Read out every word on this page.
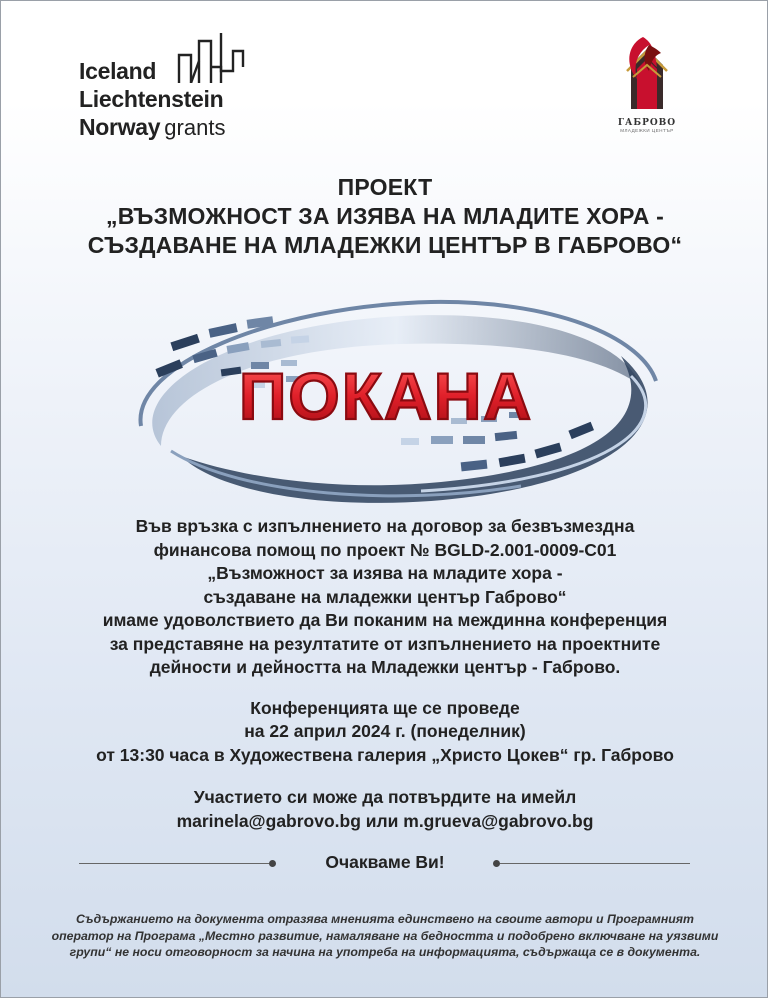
Iceland
Liechtenstein
Norway grants	ГАБРОВО
МЛАДЕЖКИ ЦЕНТЪР
ПРОЕКТ
„ВЪЗМОЖНОСТ ЗА ИЗЯВА НА МЛАДИТЕ ХОРА -
СЪЗДАВАНЕ НА МЛАДЕЖКИ ЦЕНТЪР В ГАБРОВО“
ПОКАНА
Във връзка с изпълнението на договор за безвъзмездна
финансова помощ по проект № BGLD-2.001-0009-C01
„Възможност за изява на младите хора -
създаване на младежки център Габрово“
имаме удоволствието да Ви поканим на междинна конференция
за представяне на резултатите от изпълнението на проектните
дейности и дейността на Младежки център - Габрово.
Конференцията ще се проведе
на 22 април 2024 г. (понеделник)
от 13:30 часа в Художествена галерия „Христо Цокев“ гр. Габрово
Участието си може да потвърдите на имейл
marinela@gabrovo.bg или m.grueva@gabrovo.bg
Очакваме Ви!
Съдържанието на документа отразява мненията единствено на своите автори и Програмният
оператор на Програма „Местно развитие, намаляване на бедността и подобрено включване на уязвими
групи“ не носи отговорност за начина на употреба на информацията, съдържаща се в документа.
